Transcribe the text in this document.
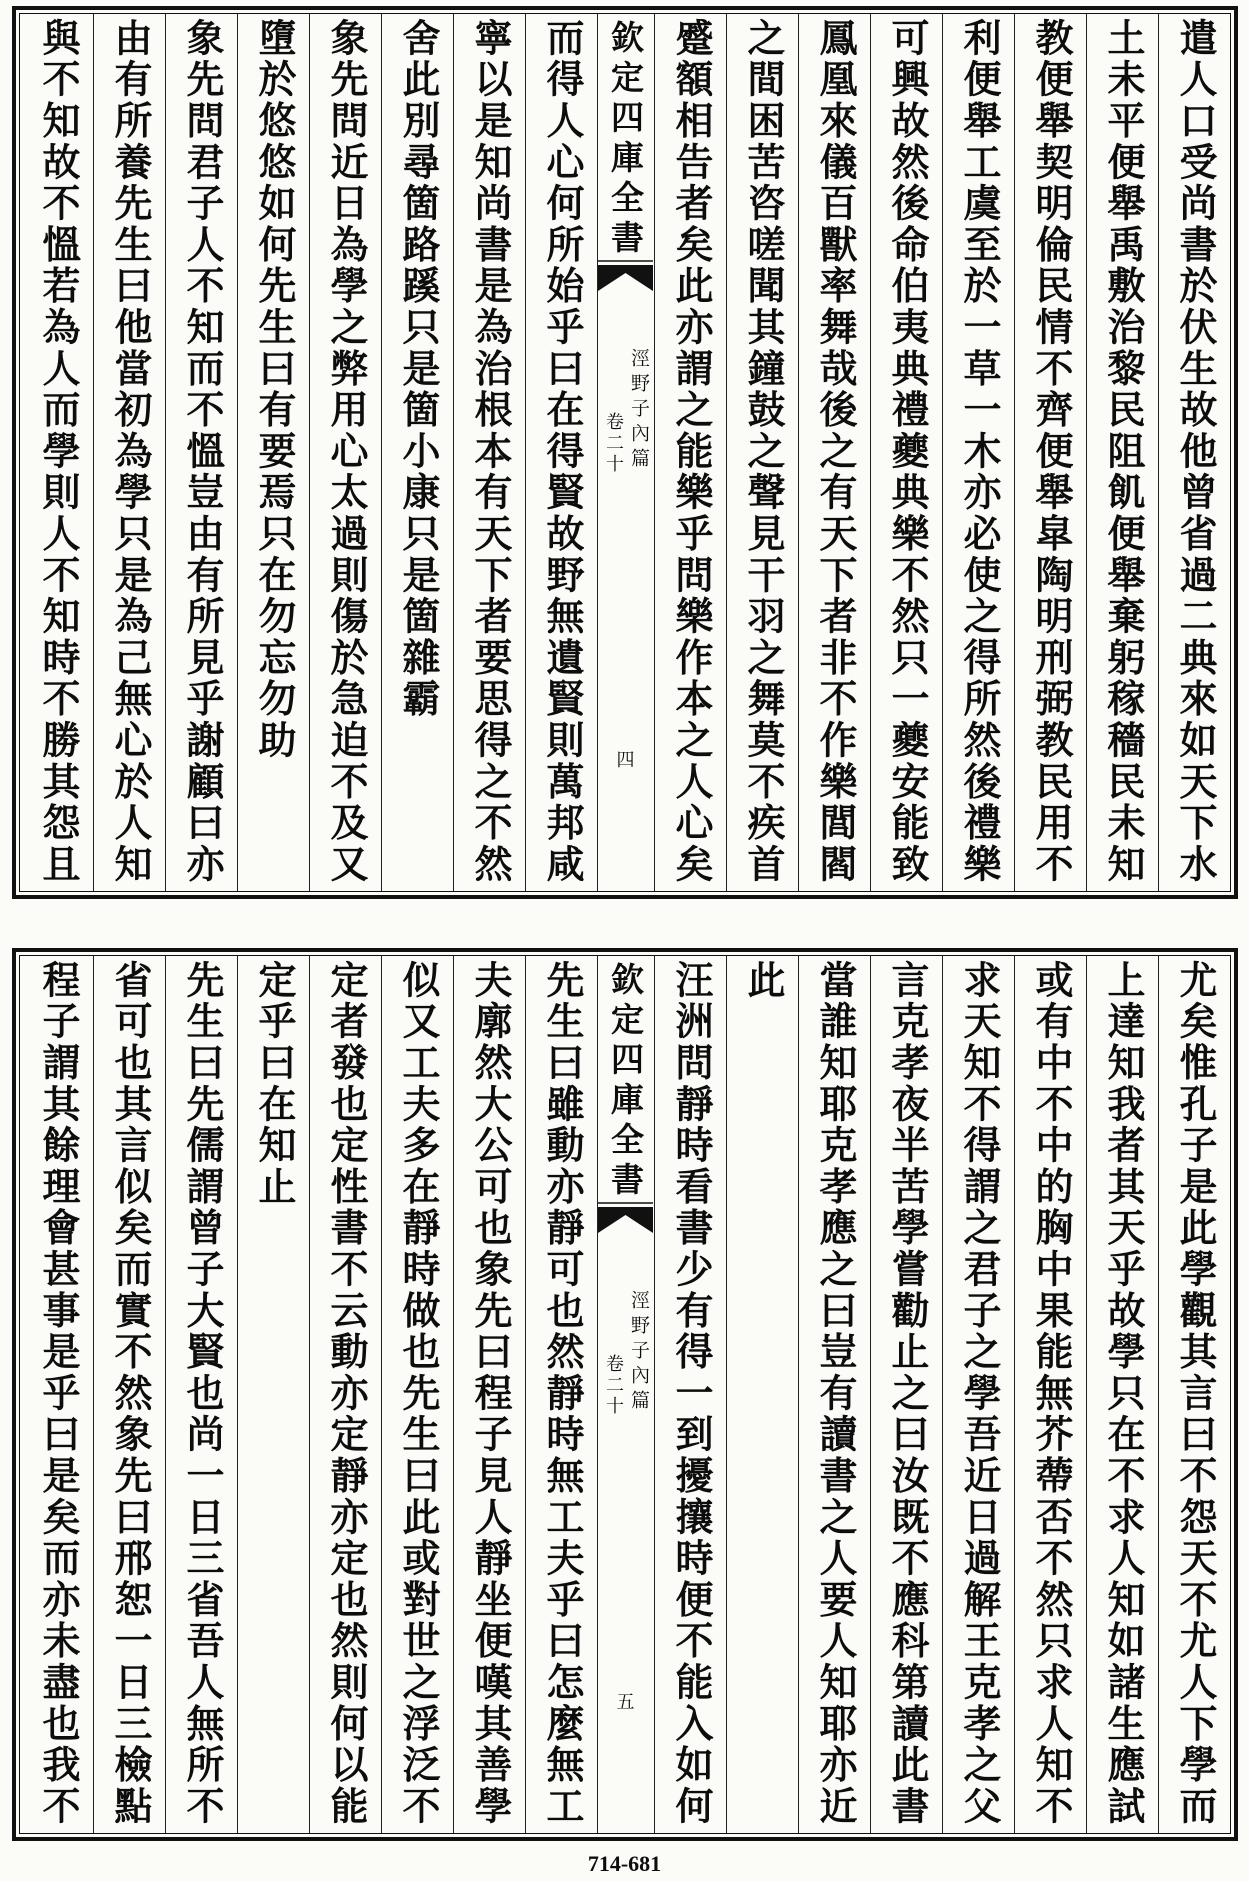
遣人口受尚書於伏生故他曾省過二典來如天下水
土未平便舉禹敷治黎民阻飢便舉棄躬稼穡民未知
教便舉契明倫民情不齊便舉皐陶明刑弼教民用不
利便舉工虞至於一草一木亦必使之得所然後禮樂
可興故然後命伯夷典禮夔典樂不然只一夔安能致
鳳凰來儀百獸率舞哉後之有天下者非不作樂閭閻
之間困苦咨嗟聞其鐘鼓之聲見干羽之舞莫不疾首
蹙額相告者矣此亦謂之能樂乎問樂作本之人心矣
欽定四庫全書
涇野子內篇
卷二十
四
而得人心何所始乎曰在得賢故野無遺賢則萬邦咸
寧以是知尚書是為治根本有天下者要思得之不然
舍此別尋箇路蹊只是箇小康只是箇雜霸
象先問近日為學之弊用心太過則傷於急迫不及又
墮於悠悠如何先生曰有要焉只在勿忘勿助
象先問君子人不知而不慍豈由有所見乎謝顧曰亦
由有所養先生曰他當初為學只是為己無心於人知
與不知故不慍若為人而學則人不知時不勝其怨且
尤矣惟孔子是此學觀其言曰不怨天不尤人下學而
上達知我者其天乎故學只在不求人知如諸生應試
或有中不中的胸中果能無芥蔕否不然只求人知不
求天知不得謂之君子之學吾近日過解王克孝之父
言克孝夜半苦學嘗勸止之曰汝既不應科第讀此書
當誰知耶克孝應之曰豈有讀書之人要人知耶亦近
此
汪洲問靜時看書少有得一到擾攘時便不能入如何
欽定四庫全書
涇野子內篇
卷二十
五
先生曰雖動亦靜可也然靜時無工夫乎曰怎麼無工
夫廓然大公可也象先曰程子見人靜坐便嘆其善學
似又工夫多在靜時做也先生曰此或對世之浮泛不
定者發也定性書不云動亦定靜亦定也然則何以能
定乎曰在知止
先生曰先儒謂曾子大賢也尚一日三省吾人無所不
省可也其言似矣而實不然象先曰邢恕一日三檢點
程子謂其餘理會甚事是乎曰是矣而亦未盡也我不
714-681
